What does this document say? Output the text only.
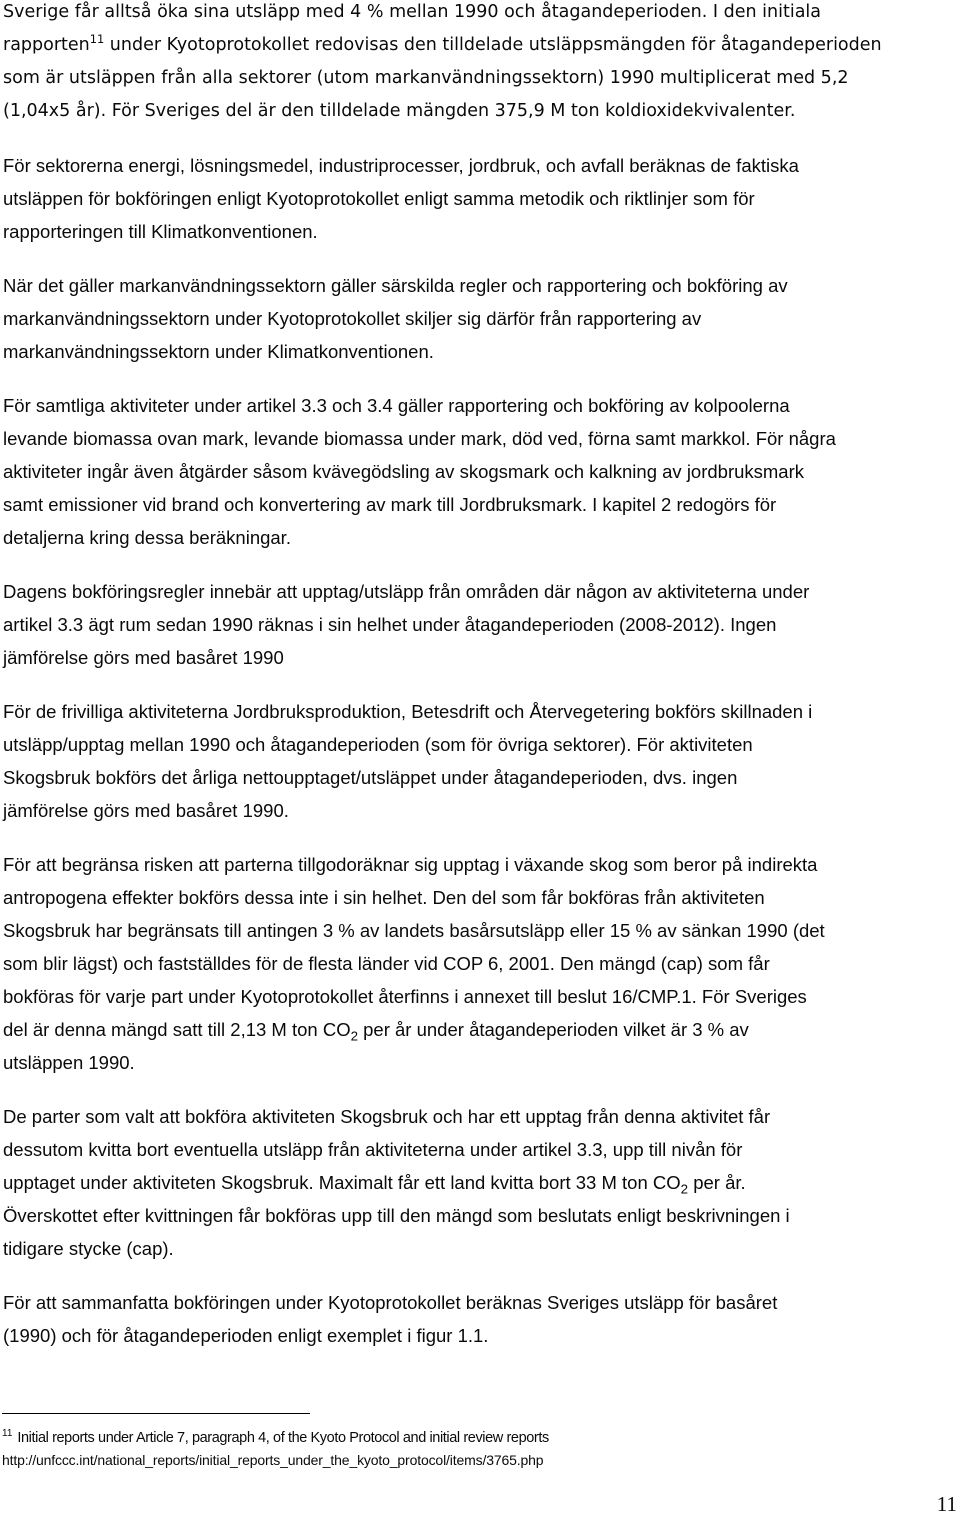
Sverige får alltså öka sina utsläpp med 4 % mellan 1990 och åtagandeperioden. I den initiala
rapporten$^{11}$ under Kyotoprotokollet redovisas den tilldelade utsläppsmängden för åtagandeperioden
som är utsläppen från alla sektorer (utom markanvändningssektorn) 1990 multiplicerat med 5,2
(1,04x5 år). För Sveriges del är den tilldelade mängden 375,9 M ton koldioxidekvivalenter.

För sektorerna energi, lösningsmedel, industriprocesser, jordbruk, och avfall beräknas de faktiska
utsläppen för bokföringen enligt Kyotoprotokollet enligt samma metodik och riktlinjer som för
rapporteringen till Klimatkonventionen.

När det gäller markanvändningssektorn gäller särskilda regler och rapportering och bokföring av
markanvändningssektorn under Kyotoprotokollet skiljer sig därför från rapportering av
markanvändningssektorn under Klimatkonventionen.

För samtliga aktiviteter under artikel 3.3 och 3.4 gäller rapportering och bokföring av kolpoolerna
levande biomassa ovan mark, levande biomassa under mark, död ved, förna samt markkol. För några
aktiviteter ingår även åtgärder såsom kvävegödsling av skogsmark och kalkning av jordbruksmark
samt emissioner vid brand och konvertering av mark till Jordbruksmark. I kapitel 2 redogörs för
detaljerna kring dessa beräkningar.

Dagens bokföringsregler innebär att upptag/utsläpp från områden där någon av aktiviteterna under
artikel 3.3 ägt rum sedan 1990 räknas i sin helhet under åtagandeperioden (2008-2012). Ingen
jämförelse görs med basåret 1990

För de frivilliga aktiviteterna Jordbruksproduktion, Betesdrift och Återvegetering bokförs skillnaden i
utsläpp/upptag mellan 1990 och åtagandeperioden (som för övriga sektorer). För aktiviteten
Skogsbruk bokförs det årliga nettoupptaget/utsläppet under åtagandeperioden, dvs. ingen
jämförelse görs med basåret 1990.

För att begränsa risken att parterna tillgodoräknar sig upptag i växande skog som beror på indirekta
antropogena effekter bokförs dessa inte i sin helhet. Den del som får bokföras från aktiviteten
Skogsbruk har begränsats till antingen 3 % av landets basårsutsläpp eller 15 % av sänkan 1990 (det
som blir lägst) och fastställdes för de flesta länder vid COP 6, 2001. Den mängd (cap) som får
bokföras för varje part under Kyotoprotokollet återfinns i annexet till beslut 16/CMP.1. För Sveriges
del är denna mängd satt till 2,13 M ton $CO_2$ per år under åtagandeperioden vilket är 3 % av
utsläppen 1990.

De parter som valt att bokföra aktiviteten Skogsbruk och har ett upptag från denna aktivitet får
dessutom kvitta bort eventuella utsläpp från aktiviteterna under artikel 3.3, upp till nivån för
upptaget under aktiviteten Skogsbruk. Maximalt får ett land kvitta bort 33 M ton $CO_2$ per år.
Överskottet efter kvittningen får bokföras upp till den mängd som beslutats enligt beskrivningen i
tidigare stycke (cap).

För att sammanfatta bokföringen under Kyotoprotokollet beräknas Sveriges utsläpp för basåret
(1990) och för åtagandeperioden enligt exemplet i figur 1.1.

$^{11}$ Initial reports under Article 7, paragraph 4, of the Kyoto Protocol and initial review reports
http://unfccc.int/national_reports/initial_reports_under_the_kyoto_protocol/items/3765.php
11
